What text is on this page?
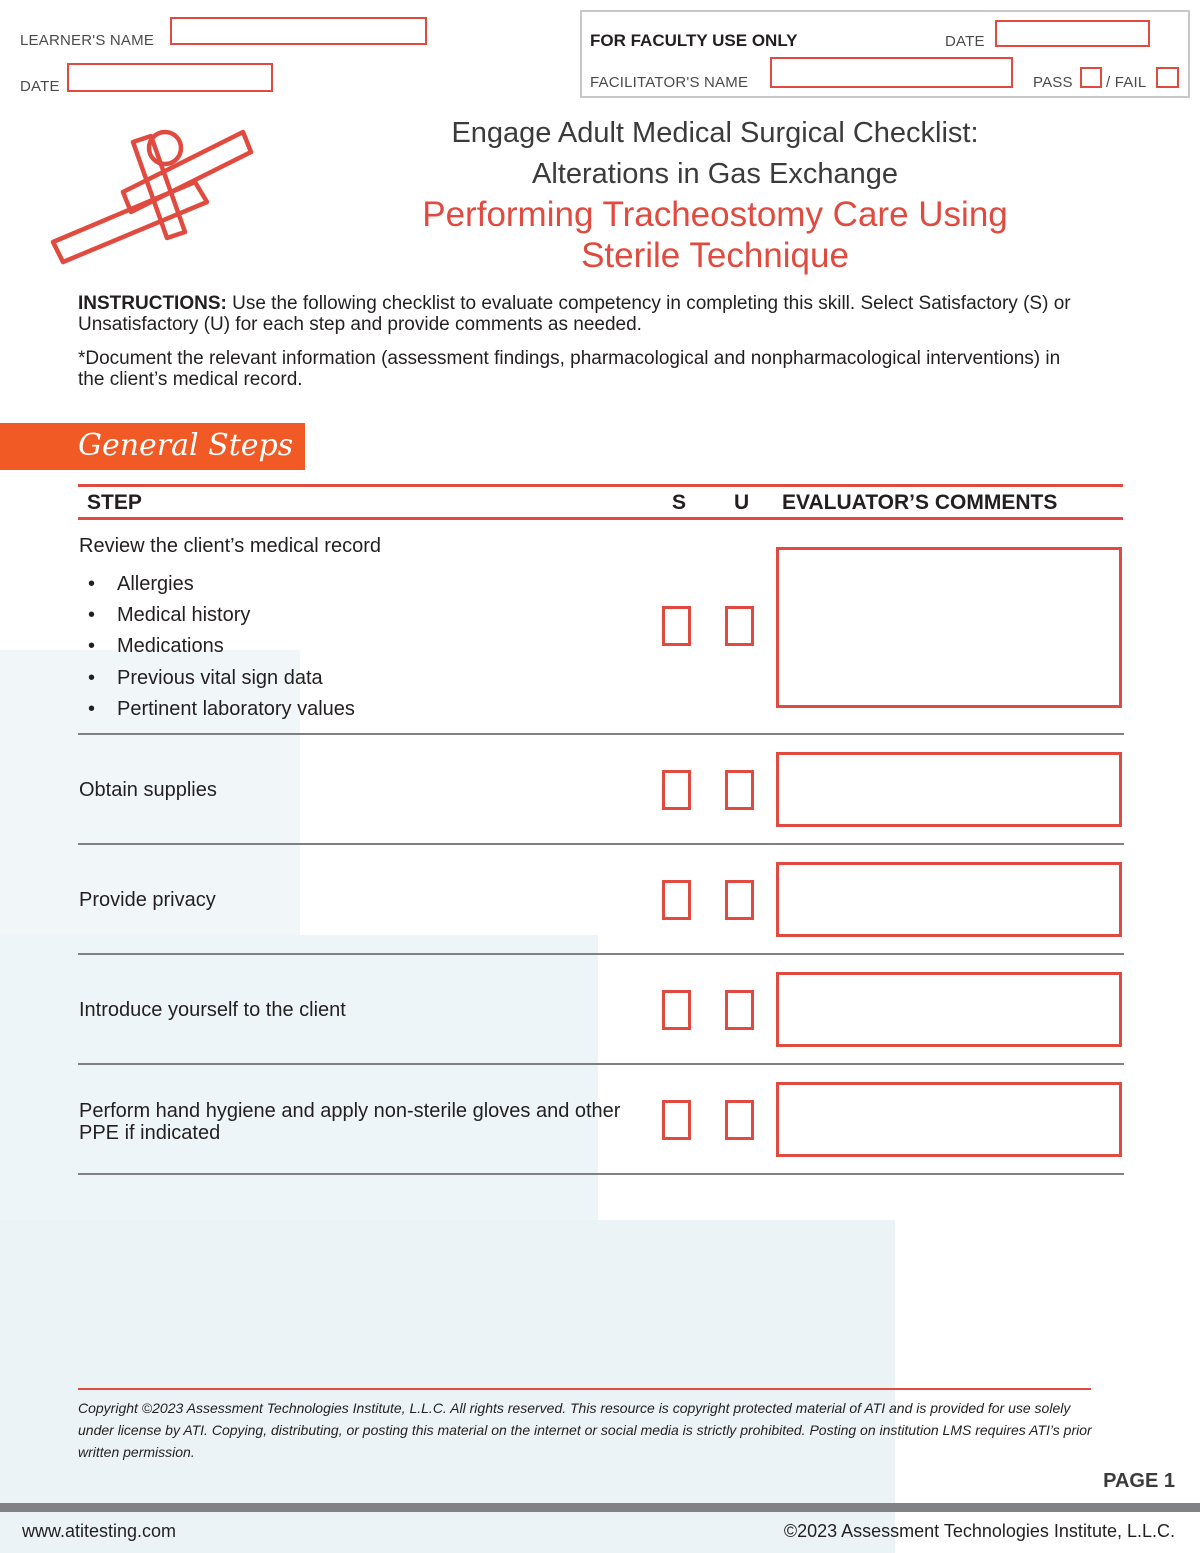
LEARNER'S NAME
DATE
FOR FACULTY USE ONLY	DATE
FACILITATOR'S NAME	PASS / FAIL
Engage Adult Medical Surgical Checklist:
Alterations in Gas Exchange
Performing Tracheostomy Care Using
Sterile Technique
INSTRUCTIONS: Use the following checklist to evaluate competency in completing this skill. Select Satisfactory (S) or Unsatisfactory (U) for each step and provide comments as needed.
*Document the relevant information (assessment findings, pharmacological and nonpharmacological interventions) in the client’s medical record.
General Steps
STEP	S U EVALUATOR’S COMMENTS
Review the client’s medical record
• Allergies
• Medical history
• Medications
• Previous vital sign data
• Pertinent laboratory values
Obtain supplies
Provide privacy
Introduce yourself to the client
Perform hand hygiene and apply non-sterile gloves and other PPE if indicated
Copyright ©2023 Assessment Technologies Institute, L.L.C. All rights reserved. This resource is copyright protected material of ATI and is provided for use solely under license by ATI. Copying, distributing, or posting this material on the internet or social media is strictly prohibited. Posting on institution LMS requires ATI’s prior written permission.
PAGE 1
www.atitesting.com	©2023 Assessment Technologies Institute, L.L.C.
